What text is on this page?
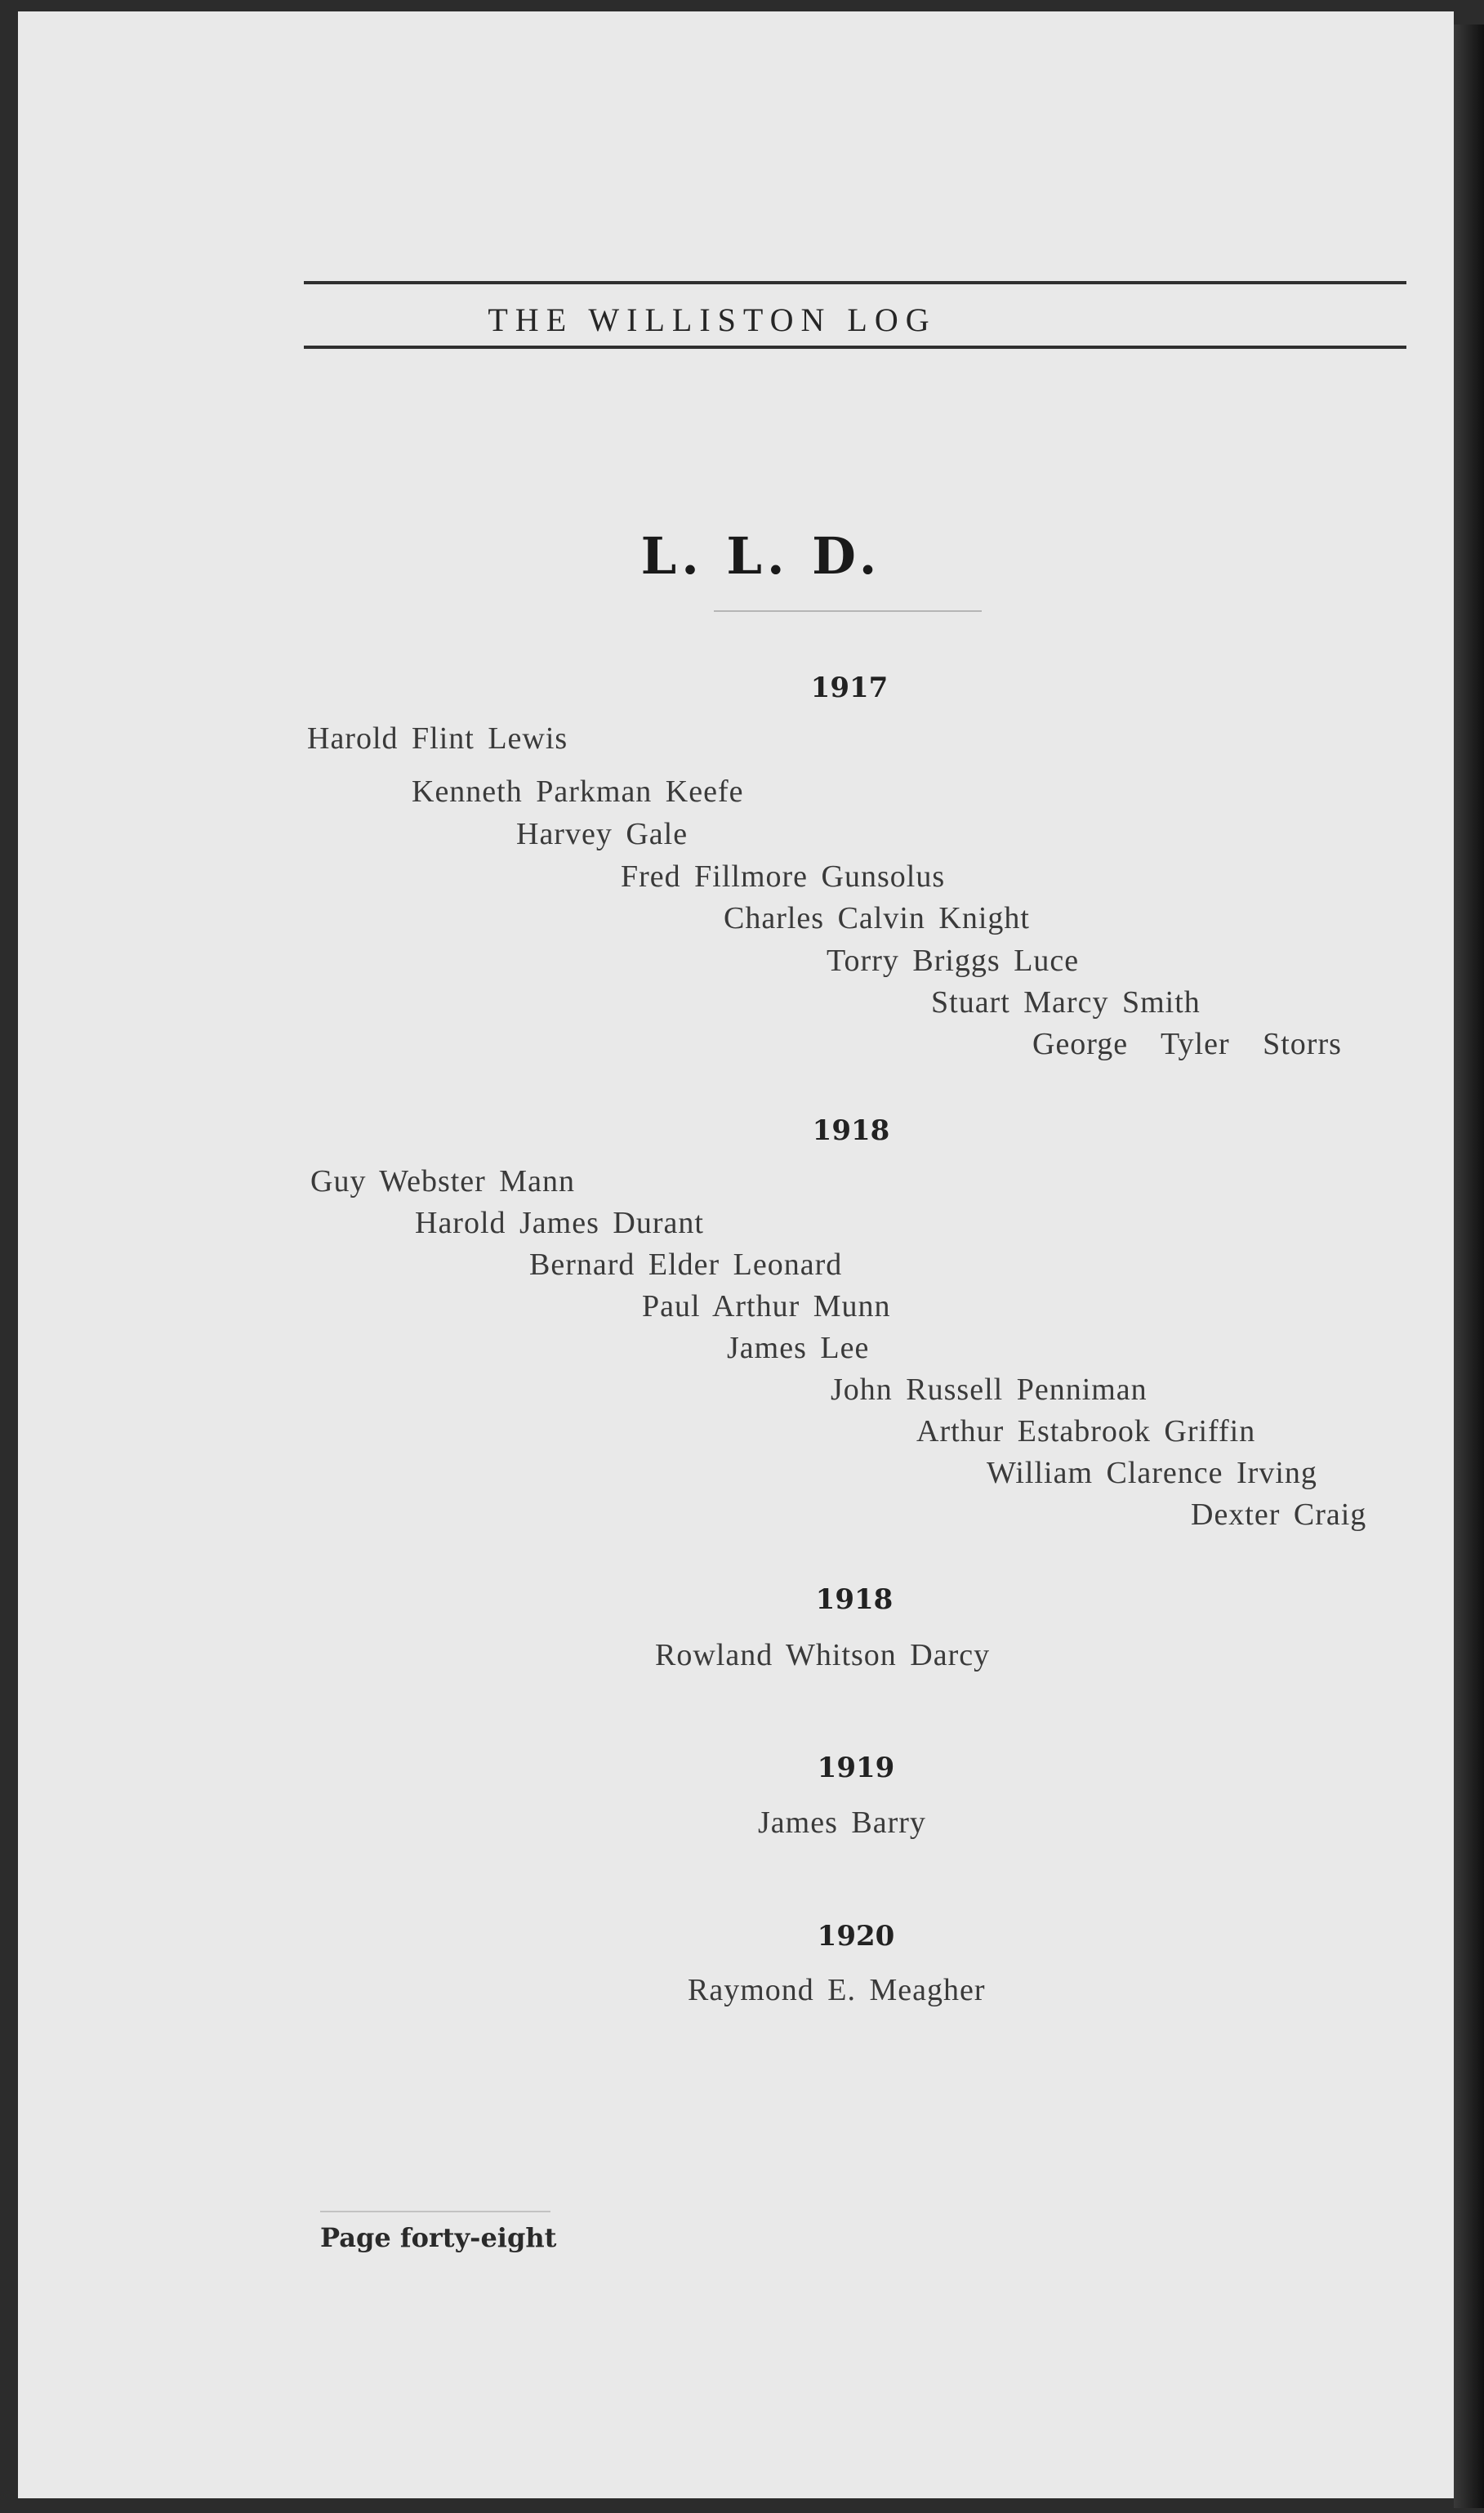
THE WILLISTON LOG
L. L. D.
1917
Harold Flint Lewis
Kenneth Parkman Keefe
Harvey Gale
Fred Fillmore Gunsolus
Charles Calvin Knight
Torry Briggs Luce
Stuart Marcy Smith
George Tyler Storrs
1918
Guy Webster Mann
Harold James Durant
Bernard Elder Leonard
Paul Arthur Munn
James Lee
John Russell Penniman
Arthur Estabrook Griffin
William Clarence Irving
Dexter Craig
1918
Rowland Whitson Darcy
1919
James Barry
1920
Raymond E. Meagher
Page forty-eight
